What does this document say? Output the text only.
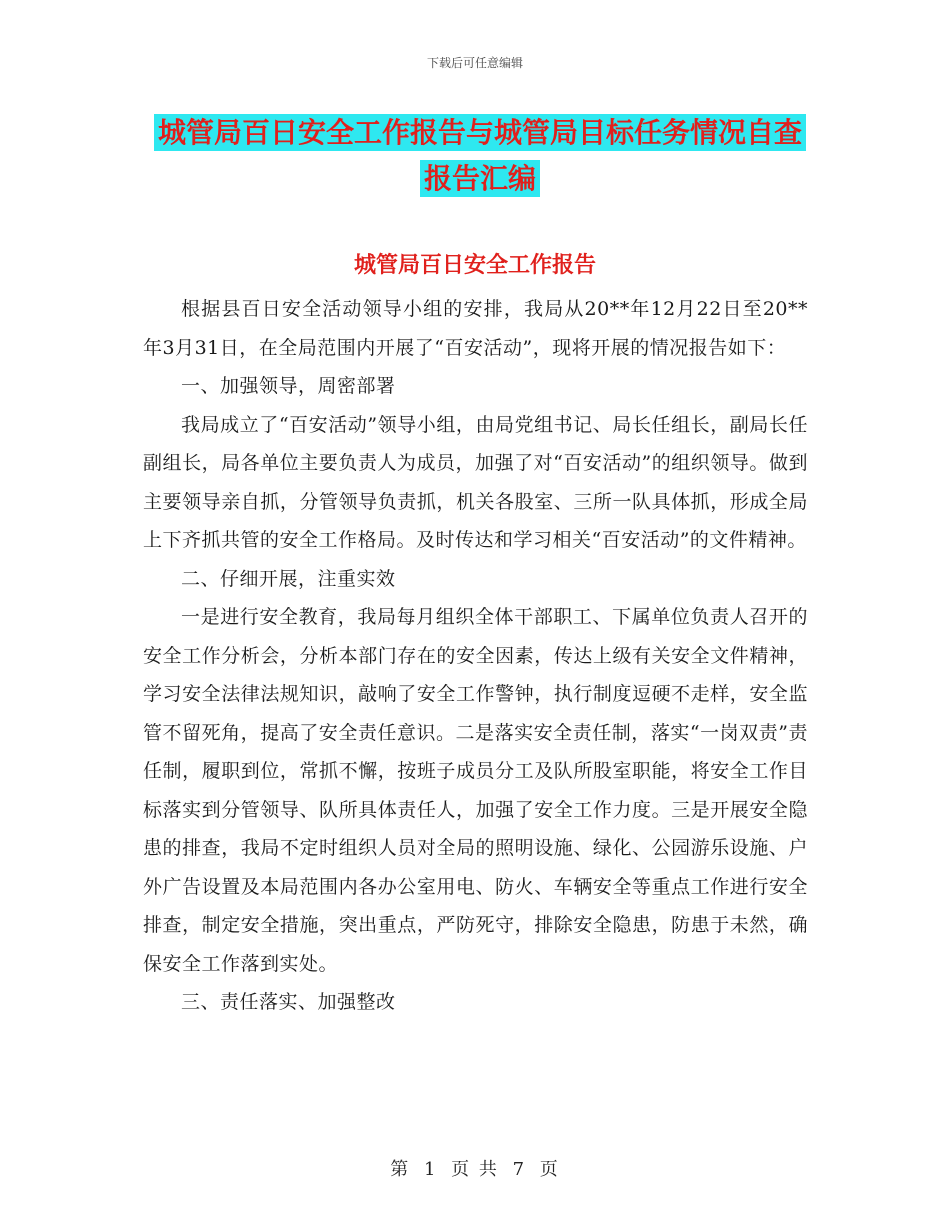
下载后可任意编辑
城管局百日安全工作报告与城管局目标任务情况自查
报告汇编
城管局百日安全工作报告

根据县百日安全活动领导小组的安排，我局从20**年12月22日至20**年3月31日，在全局范围内开展了“百安活动”，现将开展的情况报告如下：

一、加强领导，周密部署

我局成立了“百安活动”领导小组，由局党组书记、局长任组长，副局长任副组长，局各单位主要负责人为成员，加强了对“百安活动”的组织领导。做到主要领导亲自抓，分管领导负责抓，机关各股室、三所一队具体抓，形成全局上下齐抓共管的安全工作格局。及时传达和学习相关“百安活动”的文件精神。

二、仔细开展，注重实效

一是进行安全教育，我局每月组织全体干部职工、下属单位负责人召开的安全工作分析会，分析本部门存在的安全因素，传达上级有关安全文件精神，学习安全法律法规知识，敲响了安全工作警钟，执行制度逗硬不走样，安全监管不留死角，提高了安全责任意识。二是落实安全责任制，落实“一岗双责”责任制，履职到位，常抓不懈，按班子成员分工及队所股室职能，将安全工作目标落实到分管领导、队所具体责任人，加强了安全工作力度。三是开展安全隐患的排查，我局不定时组织人员对全局的照明设施、绿化、公园游乐设施、户外广告设置及本局范围内各办公室用电、防火、车辆安全等重点工作进行安全排查，制定安全措施，突出重点，严防死守，排除安全隐患，防患于未然，确保安全工作落到实处。

三、责任落实、加强整改

第 1 页 共 7 页
